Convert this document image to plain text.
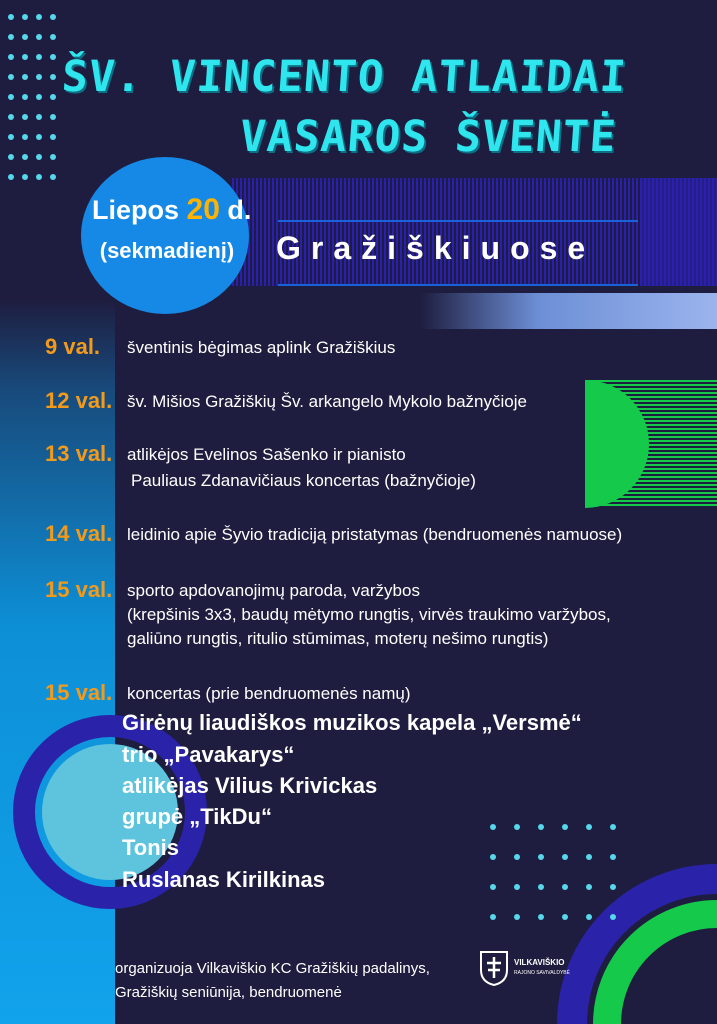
ŠV. VINCENTO ATLAIDAI
VASAROS ŠVENTĖ
Liepos 20 d.
(sekmadienį) Gražiškiuose
9 val. šventinis bėgimas aplink Gražiškius
12 val. šv. Mišios Gražiškių Šv. arkangelo Mykolo bažnyčioje
13 val. atlikėjos Evelinos Sašenko ir pianisto
Pauliaus Zdanavičiaus koncertas (bažnyčioje)
14 val. leidinio apie Šyvio tradiciją pristatymas (bendruomenės namuose)
15 val. sporto apdovanojimų paroda, varžybos
(krepšinis 3x3, baudų mėtymo rungtis, virvės traukimo varžybos,
galiūno rungtis, ritulio stūmimas, moterų nešimo rungtis)
15 val. koncertas (prie bendruomenės namų)
Girėnų liaudiškos muzikos kapela „Versmė“
trio „Pavakarys“
atlikėjas Vilius Krivickas
grupė „TikDu“
Tonis
Ruslanas Kirilkinas
organizuoja Vilkaviškio KC Gražiškių padalinys,
Gražiškių seniūnija, bendruomenė
VILKAVIŠKIO
RAJONO SAVIVALDYBĖ
